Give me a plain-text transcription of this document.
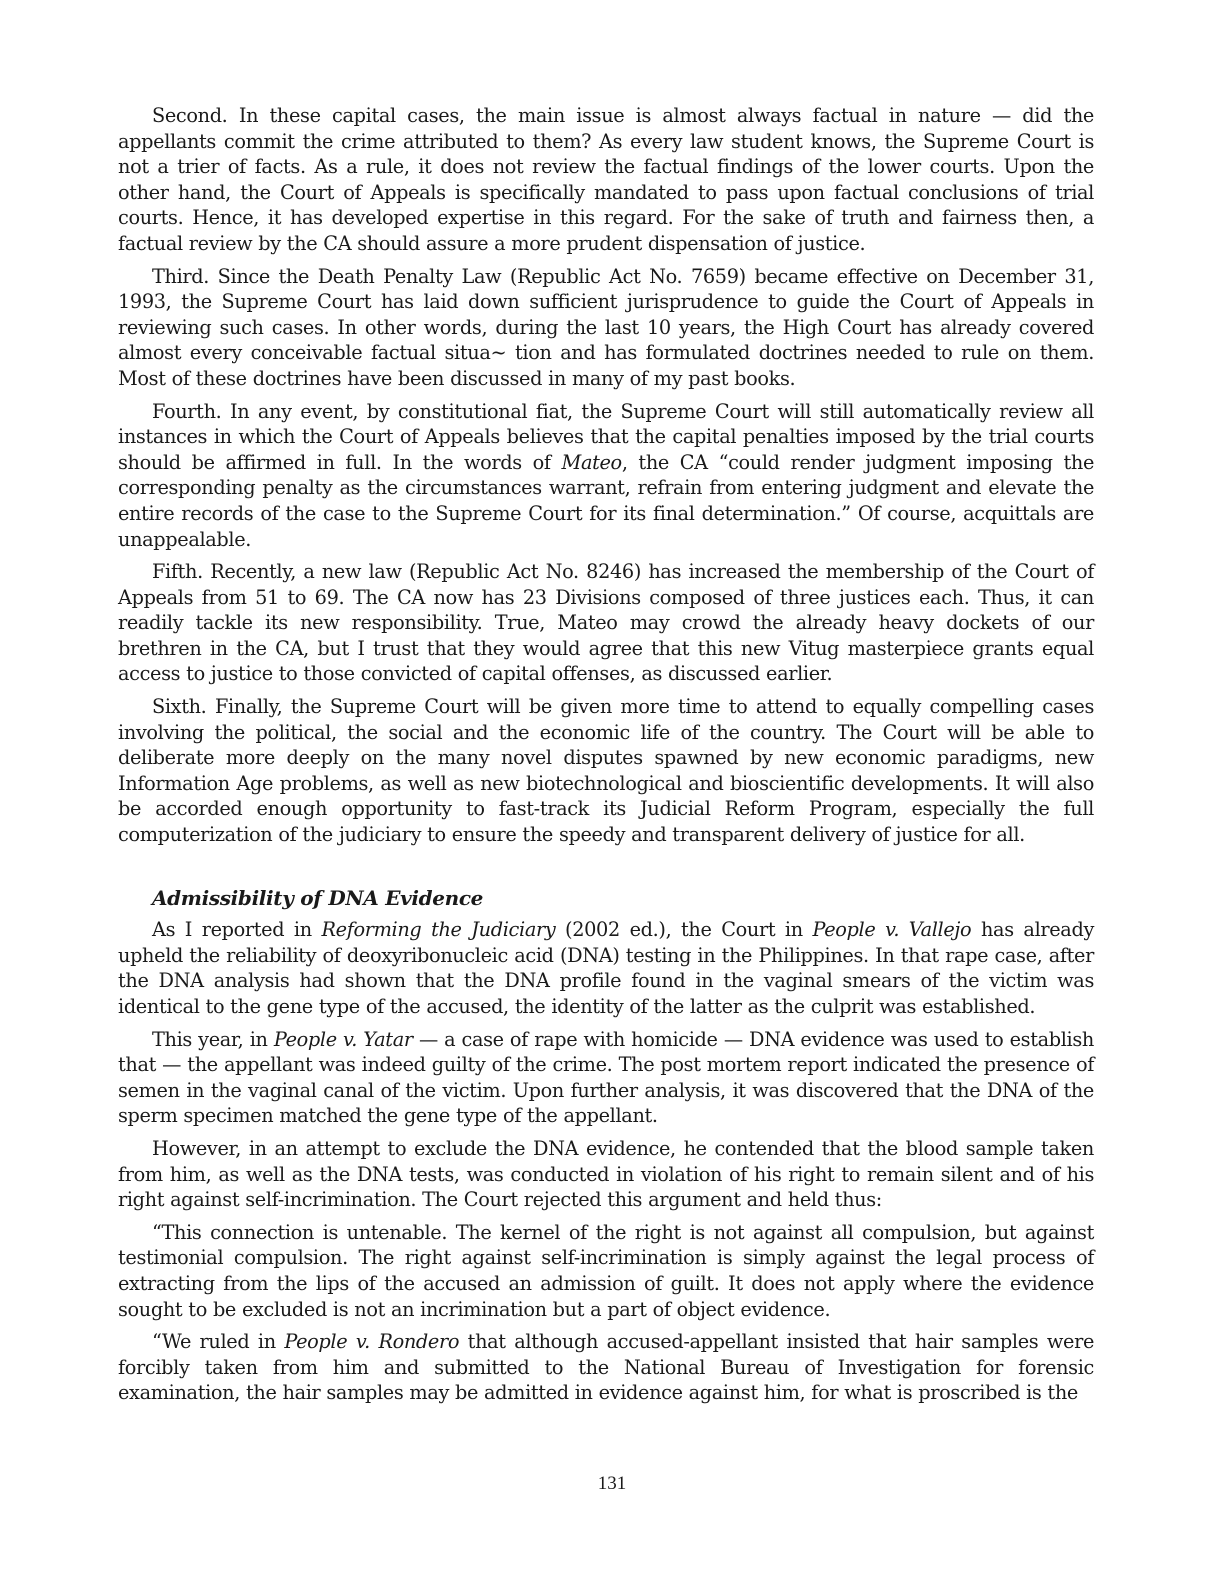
Second. In these capital cases, the main issue is almost always factual in nature — did the appellants commit the crime attributed to them? As every law student knows, the Supreme Court is not a trier of facts. As a rule, it does not review the factual findings of the lower courts. Upon the other hand, the Court of Appeals is specifically mandated to pass upon factual conclusions of trial courts. Hence, it has developed expertise in this regard. For the sake of truth and fairness then, a factual review by the CA should assure a more prudent dispensation of justice.

Third. Since the Death Penalty Law (Republic Act No. 7659) became effective on December 31, 1993, the Supreme Court has laid down sufficient jurisprudence to guide the Court of Appeals in reviewing such cases. In other words, during the last 10 years, the High Court has already covered almost every conceivable factual situa~ tion and has formulated doctrines needed to rule on them. Most of these doctrines have been discussed in many of my past books.

Fourth. In any event, by constitutional fiat, the Supreme Court will still automatically review all instances in which the Court of Appeals believes that the capital penalties imposed by the trial courts should be affirmed in full. In the words of Mateo, the CA “could render judgment imposing the corresponding penalty as the circumstances warrant, refrain from entering judgment and elevate the entire records of the case to the Supreme Court for its final determination.” Of course, acquittals are unappealable.

Fifth. Recently, a new law (Republic Act No. 8246) has increased the membership of the Court of Appeals from 51 to 69. The CA now has 23 Divisions composed of three justices each. Thus, it can readily tackle its new responsibility. True, Mateo may crowd the already heavy dockets of our brethren in the CA, but I trust that they would agree that this new Vitug masterpiece grants equal access to justice to those convicted of capital offenses, as discussed earlier.

Sixth. Finally, the Supreme Court will be given more time to attend to equally compelling cases involving the political, the social and the economic life of the country. The Court will be able to deliberate more deeply on the many novel disputes spawned by new economic paradigms, new Information Age problems, as well as new biotechnological and bioscientific developments. It will also be accorded enough opportunity to fast-track its Judicial Reform Program, especially the full computerization of the judiciary to ensure the speedy and transparent delivery of justice for all.

Admissibility of DNA Evidence

As I reported in Reforming the Judiciary (2002 ed.), the Court in People v. Vallejo has already upheld the reliability of deoxyribonucleic acid (DNA) testing in the Philippines. In that rape case, after the DNA analysis had shown that the DNA profile found in the vaginal smears of the victim was identical to the gene type of the accused, the identity of the latter as the culprit was established.

This year, in People v. Yatar — a case of rape with homicide — DNA evidence was used to establish that — the appellant was indeed guilty of the crime. The post mortem report indicated the presence of semen in the vaginal canal of the victim. Upon further analysis, it was discovered that the DNA of the sperm specimen matched the gene type of the appellant.

However, in an attempt to exclude the DNA evidence, he contended that the blood sample taken from him, as well as the DNA tests, was conducted in violation of his right to remain silent and of his right against self-incrimination. The Court rejected this argument and held thus:

“This connection is untenable. The kernel of the right is not against all compulsion, but against testimonial compulsion. The right against self-incrimination is simply against the legal process of extracting from the lips of the accused an admission of guilt. It does not apply where the evidence sought to be excluded is not an incrimination but a part of object evidence.

“We ruled in People v. Rondero that although accused-appellant insisted that hair samples were forcibly taken from him and submitted to the National Bureau of Investigation for forensic examination, the hair samples may be admitted in evidence against him, for what is proscribed is the

131
